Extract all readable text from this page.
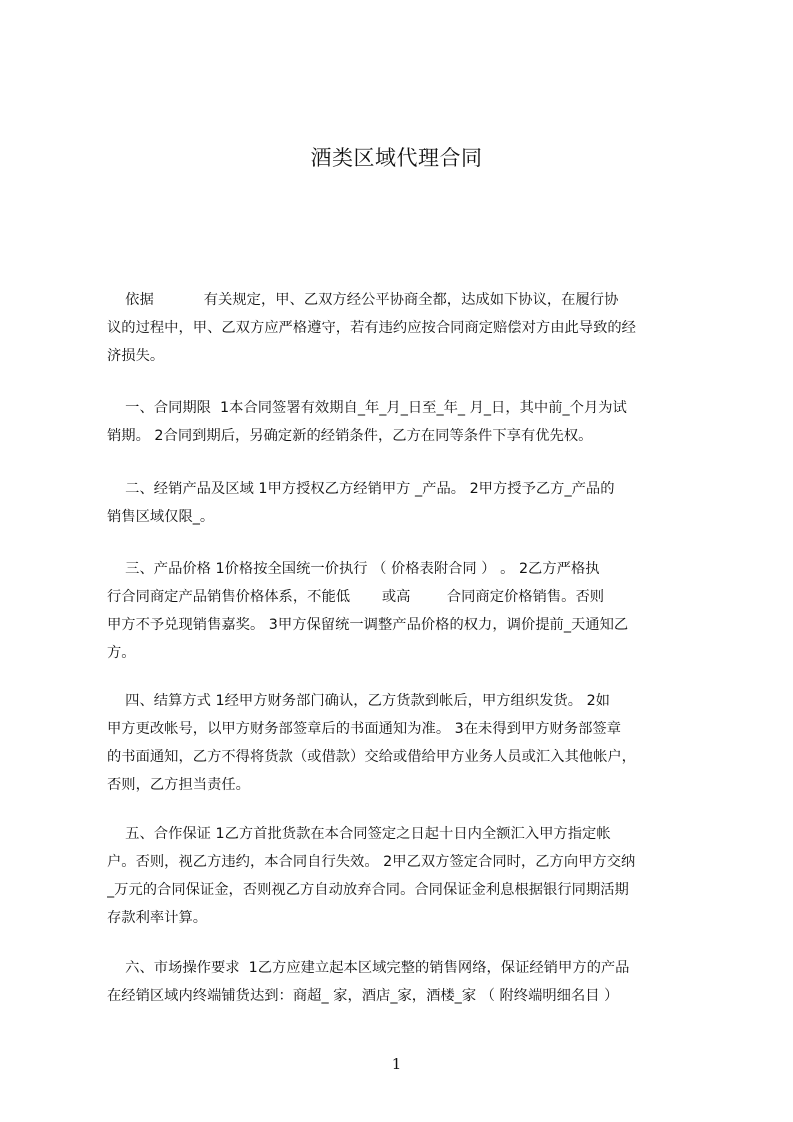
酒类区域代理合同
依据           有关规定，甲、乙双方经公平协商全都，达成如下协议，在履行协
议的过程中，甲、乙双方应严格遵守，若有违约应按合同商定赔偿对方由此导致的经
济损失。
一、合同期限  1本合同签署有效期自_年_月_日至_年_ 月_日，其中前_个月为试
销期。 2合同到期后，另确定新的经销条件，乙方在同等条件下享有优先权。
二、经销产品及区域 1甲方授权乙方经销甲方 _产品。 2甲方授予乙方_产品的
销售区域仅限_。
三、产品价格 1价格按全国统一价执行 （ 价格表附合同 ） 。 2乙方严格执
行合同商定产品销售价格体系，不能低       或高        合同商定价格销售。否则
甲方不予兑现销售嘉奖。 3甲方保留统一调整产品价格的权力，调价提前_天通知乙
方。
四、结算方式 1经甲方财务部门确认，乙方货款到帐后，甲方组织发货。 2如
甲方更改帐号，以甲方财务部签章后的书面通知为准。 3在未得到甲方财务部签章
的书面通知，乙方不得将货款（或借款）交给或借给甲方业务人员或汇入其他帐户，
否则，乙方担当责任。
五、合作保证 1乙方首批货款在本合同签定之日起十日内全额汇入甲方指定帐
户。否则，视乙方违约，本合同自行失效。 2甲乙双方签定合同时，乙方向甲方交纳
_万元的合同保证金，否则视乙方自动放弃合同。合同保证金利息根据银行同期活期
存款利率计算。
六、市场操作要求  1乙方应建立起本区域完整的销售网络，保证经销甲方的产品
在经销区域内终端铺货达到：商超_ 家，酒店_家，酒楼_家 （ 附终端明细名目 ）
1
